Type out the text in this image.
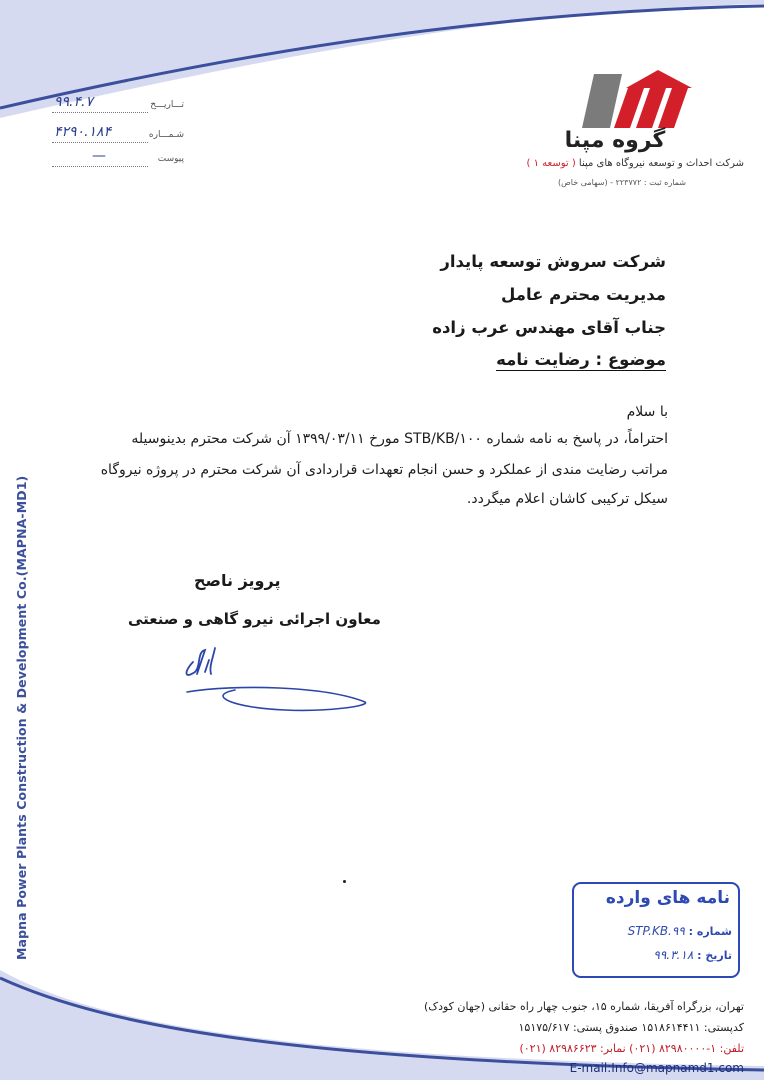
Mapna Power Plants Construction & Development Co.(MAPNA-MD1)
گروه مپنا
شرکت احداث و توسعه نیروگاه های مپنا ( توسعه ۱ )
شماره ثبت : ۲۲۳۷۷۲ - (سهامی خاص)
تـــاریـــخ
۹۹.۴.۷
شـمـــاره
۴۲۹۰.۱۸۴
پیوست
—
شرکت سروش توسعه پایدار
مدیریت محترم عامل
جناب آقای مهندس عرب زاده
موضوع : رضایت نامه
با سلام
احتراماً، در پاسخ به نامه شماره STB/KB/۱۰۰ مورخ ۱۳۹۹/۰۳/۱۱ آن شرکت محترم بدینوسیله
مراتب رضایت مندی از عملکرد و حسن انجام تعهدات قراردادی آن شرکت محترم در پروژه نیروگاه
سیکل ترکیبی کاشان اعلام میگردد.
پرویز ناصح
معاون اجرائی نیرو گاهی و صنعتی
نامه های وارده
شماره : STP.KB.۹۹
تاریخ : ۹۹.۳.۱۸
تهران، بزرگراه آفریقا، شماره ۱۵، جنوب چهار راه حقانی (جهان کودک)
کدپستی: ۱۵۱۸۶۱۴۴۱۱ صندوق پستی: ۱۵۱۷۵/۶۱۷
تلفن: ۱-۸۲۹۸۰۰۰۰ (۰۲۱) نمابر: ۸۲۹۸۶۶۲۳ (۰۲۱)
E-mail:Info@mapnamd1.com
